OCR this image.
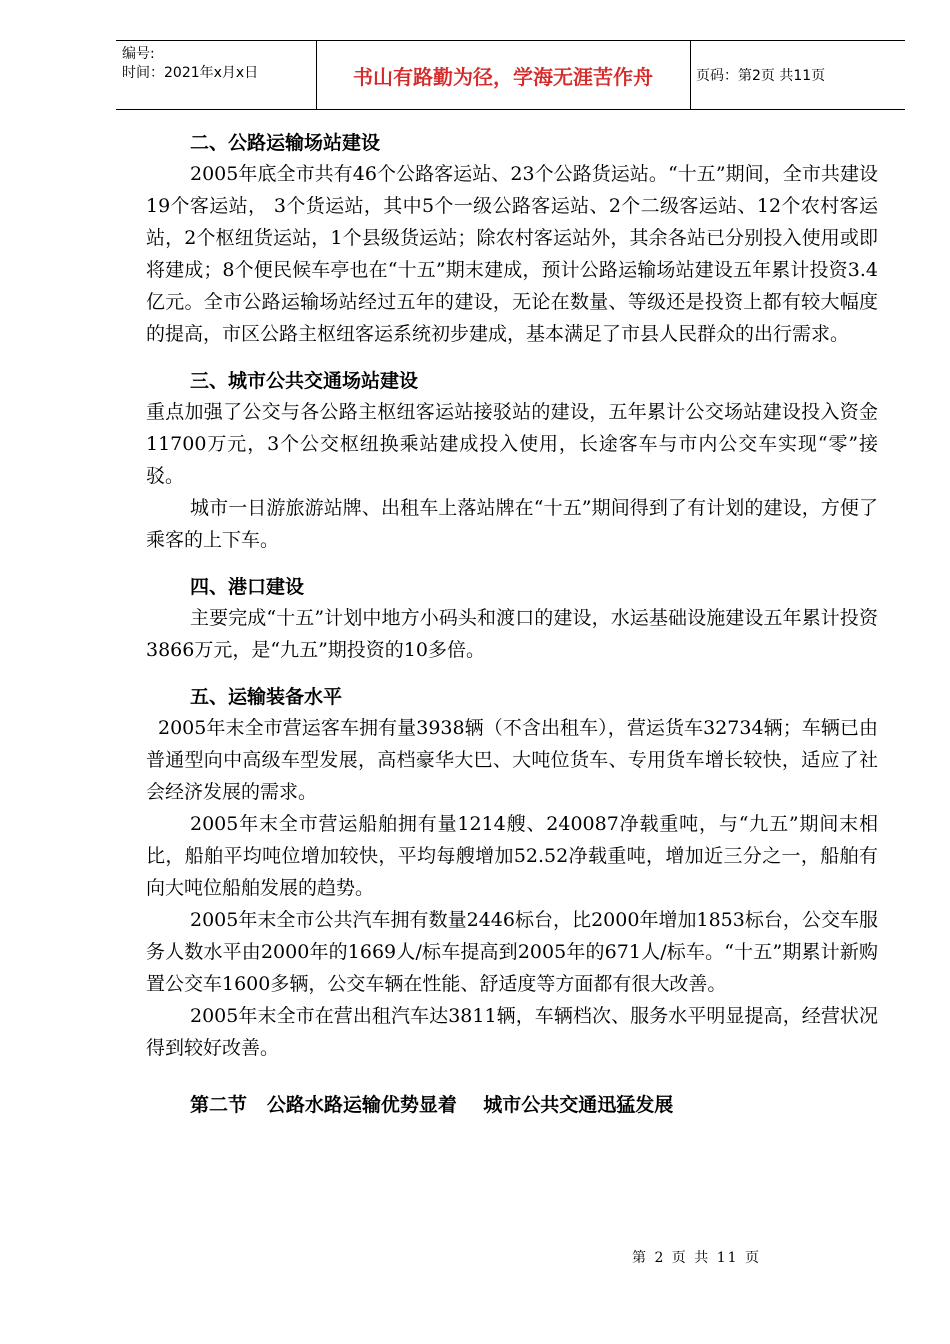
编号:
时间：2021年x月x日	书山有路勤为径，学海无涯苦作舟	页码：第2页 共11页
二、公路运输场站建设
2005年底全市共有46个公路客运站、23个公路货运站。“十五”期间，全市共建设19个客运站， 3个货运站，其中5个一级公路客运站、2个二级客运站、12个农村客运站，2个枢纽货运站，1个县级货运站；除农村客运站外，其余各站已分别投入使用或即将建成；8个便民候车亭也在“十五”期末建成，预计公路运输场站建设五年累计投资3.4亿元。全市公路运输场站经过五年的建设，无论在数量、等级还是投资上都有较大幅度的提高，市区公路主枢纽客运系统初步建成，基本满足了市县人民群众的出行需求。
三、城市公共交通场站建设
重点加强了公交与各公路主枢纽客运站接驳站的建设，五年累计公交场站建设投入资金11700万元，3个公交枢纽换乘站建成投入使用，长途客车与市内公交车实现“零”接驳。
城市一日游旅游站牌、出租车上落站牌在“十五”期间得到了有计划的建设，方便了乘客的上下车。
四、港口建设
主要完成“十五”计划中地方小码头和渡口的建设，水运基础设施建设五年累计投资3866万元，是“九五”期投资的10多倍。
五、运输装备水平
2005年末全市营运客车拥有量3938辆（不含出租车），营运货车32734辆；车辆已由普通型向中高级车型发展，高档豪华大巴、大吨位货车、专用货车增长较快，适应了社会经济发展的需求。
2005年末全市营运船舶拥有量1214艘、240087净载重吨，与“九五”期间末相比，船舶平均吨位增加较快，平均每艘增加52.52净载重吨，增加近三分之一，船舶有向大吨位船舶发展的趋势。
2005年末全市公共汽车拥有数量2446标台，比2000年增加1853标台，公交车服务人数水平由2000年的1669人/标车提高到2005年的671人/标车。“十五”期累计新购置公交车1600多辆，公交车辆在性能、舒适度等方面都有很大改善。
2005年末全市在营出租汽车达3811辆，车辆档次、服务水平明显提高，经营状况得到较好改善。
第二节   公路水路运输优势显着    城市公共交通迅猛发展
第 2 页 共 11 页
